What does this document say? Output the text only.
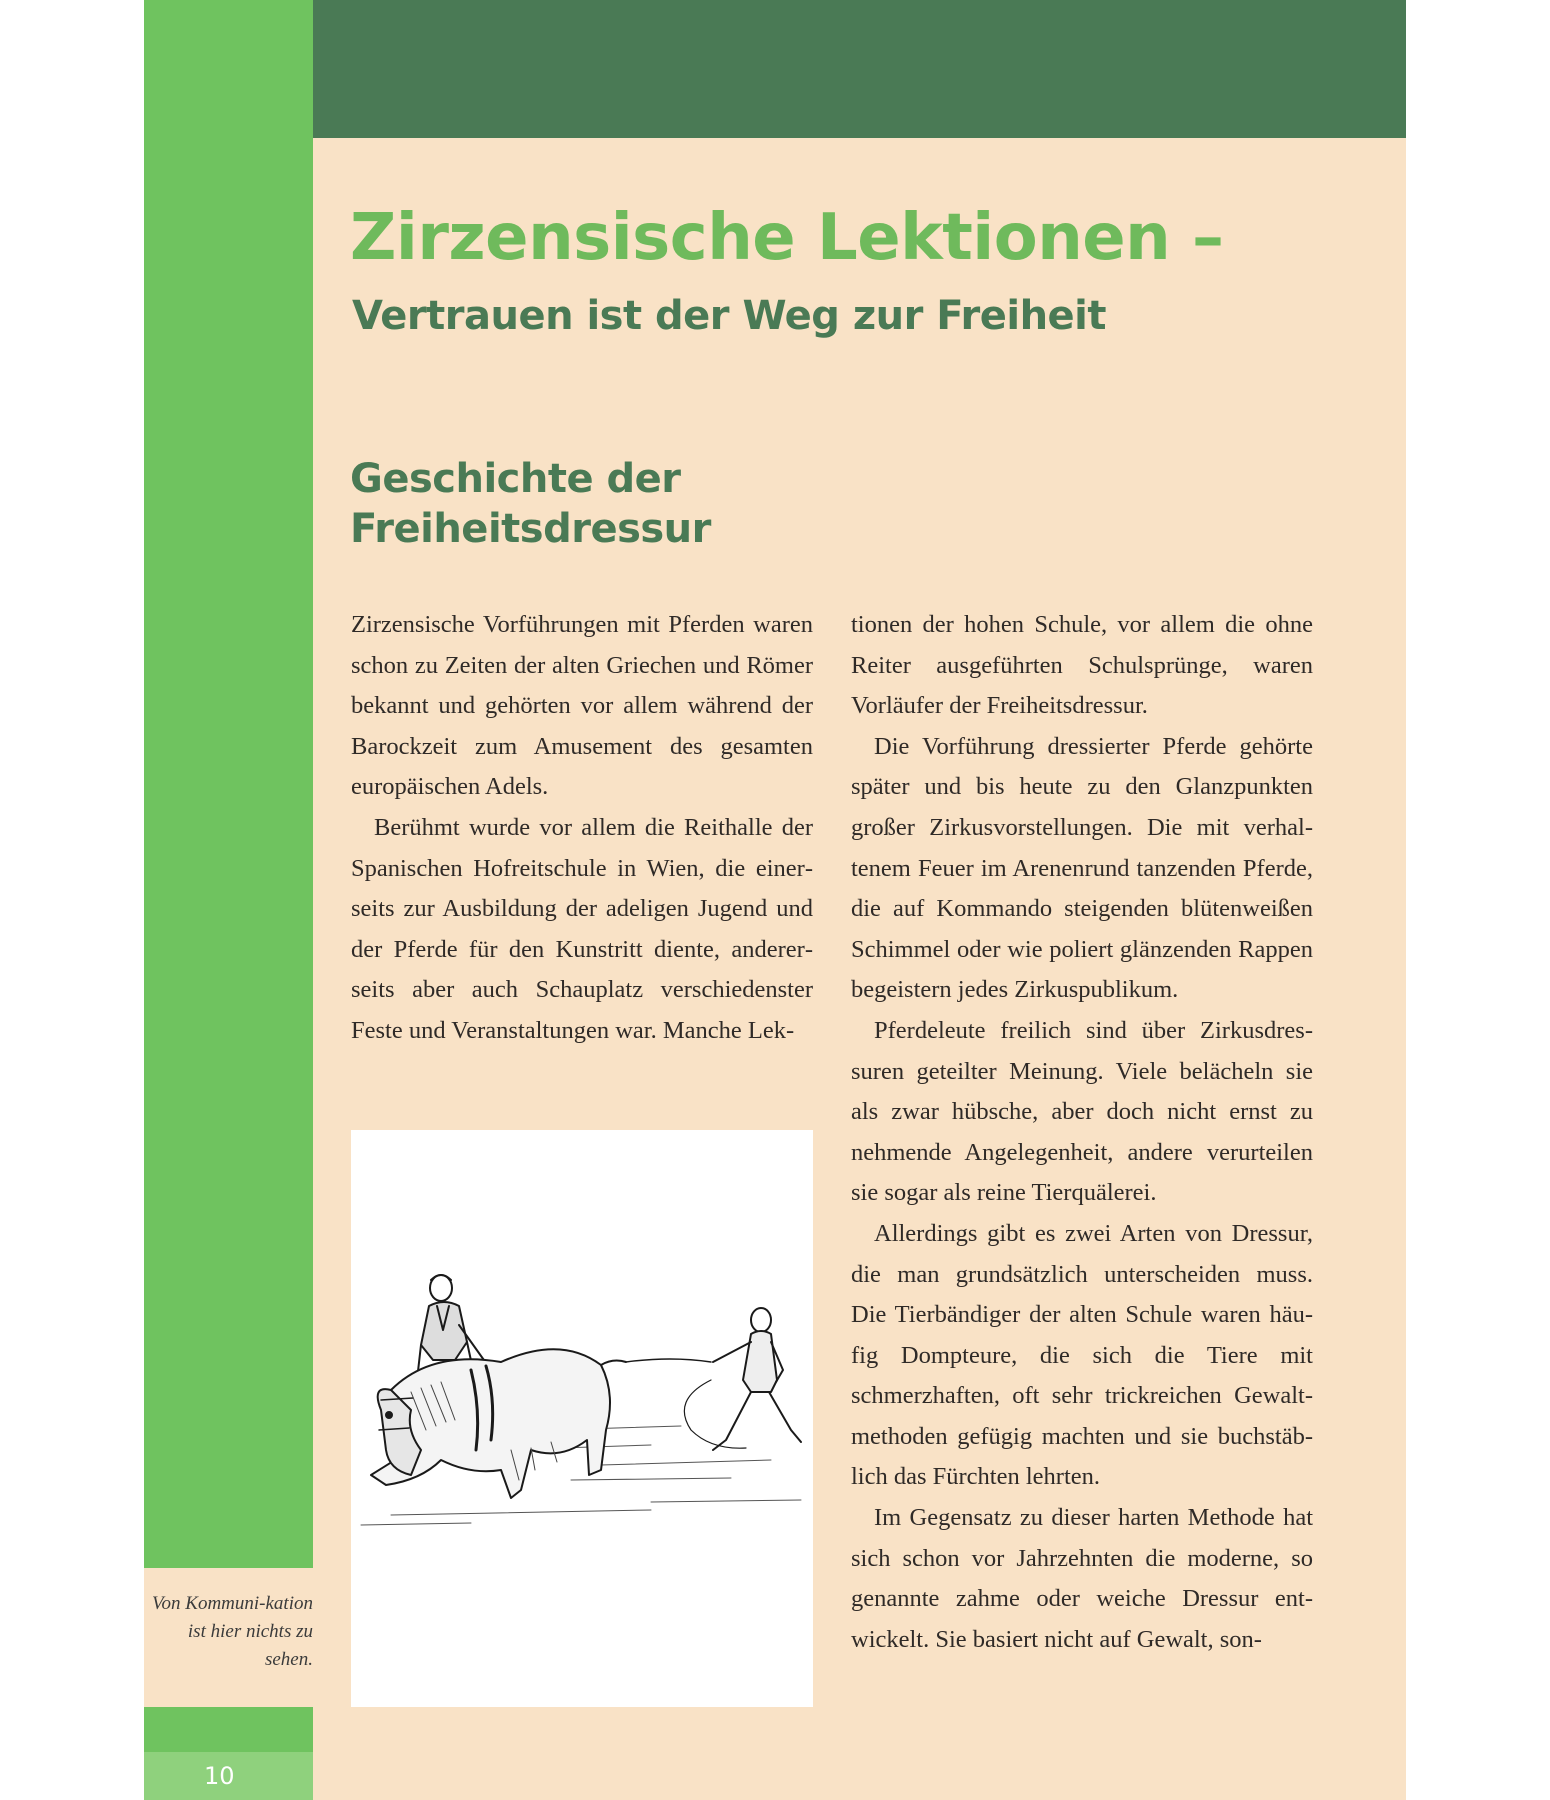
Zirzensische Lektionen –
Vertrauen ist der Weg zur Freiheit
Geschichte der
Freiheitsdressur

Zirzensische Vorführungen mit Pferden waren schon zu Zeiten der alten Griechen und Römer bekannt und gehörten vor allem während der Barockzeit zum Amusement des gesamten europäischen Adels.

Berühmt wurde vor allem die Reithalle der Spanischen Hofreitschule in Wien, die einerseits zur Ausbildung der adeligen Jugend und der Pferde für den Kunstritt diente, andererseits aber auch Schauplatz verschiedenster Feste und Veranstaltungen war. Manche Lek-

tionen der hohen Schule, vor allem die ohne Reiter ausgeführten Schulsprünge, waren Vorläufer der Freiheitsdressur.

Die Vorführung dressierter Pferde gehörte später und bis heute zu den Glanzpunkten großer Zirkusvorstellungen. Die mit verhaltenem Feuer im Arenenrund tanzenden Pferde, die auf Kommando steigenden blütenweißen Schimmel oder wie poliert glänzenden Rappen begeistern jedes Zirkuspublikum.

Pferdeleute freilich sind über Zirkusdressuren geteilter Meinung. Viele belächeln sie als zwar hübsche, aber doch nicht ernst zu nehmende Angelegenheit, andere verurteilen sie sogar als reine Tierquälerei.

Allerdings gibt es zwei Arten von Dressur, die man grundsätzlich unterscheiden muss. Die Tierbändiger der alten Schule waren häufig Dompteure, die sich die Tiere mit schmerzhaften, oft sehr trickreichen Gewaltmethoden gefügig machten und sie buchstäblich das Fürchten lehrten.

Im Gegensatz zu dieser harten Methode hat sich schon vor Jahrzehnten die moderne, so genannte zahme oder weiche Dressur entwickelt. Sie basiert nicht auf Gewalt, son-

Von Kommuni-kation ist hier nichts zu sehen.
10
